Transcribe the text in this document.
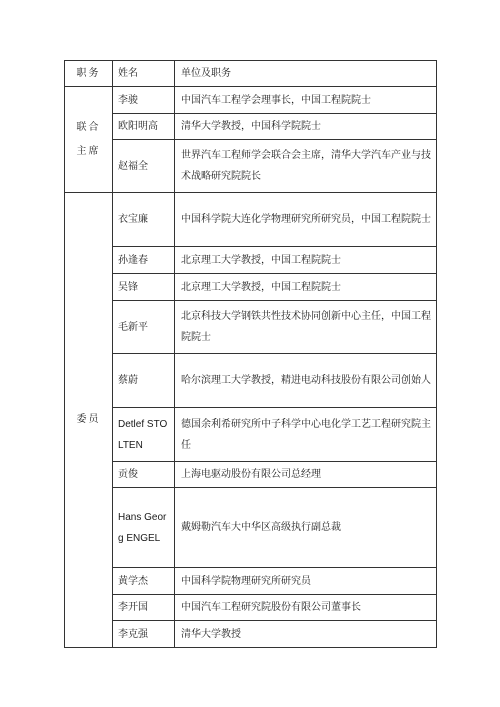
职务	姓名	单位及职务
联合主席	李骏	中国汽车工程学会理事长，中国工程院院士
	欧阳明高	清华大学教授，中国科学院院士
	赵福全	世界汽车工程师学会联合会主席，清华大学汽车产业与技术战略研究院院长
委员	衣宝廉	中国科学院大连化学物理研究所研究员，中国工程院院士
	孙逢春	北京理工大学教授，中国工程院院士
	吴锋	北京理工大学教授，中国工程院院士
	毛新平	北京科技大学钢铁共性技术协同创新中心主任，中国工程院院士
	蔡蔚	哈尔滨理工大学教授，精进电动科技股份有限公司创始人
	Detlef STOLTEN	德国余利希研究所中子科学中心电化学工艺工程研究院主任
	贡俊	上海电驱动股份有限公司总经理
	Hans Georg ENGEL	戴姆勒汽车大中华区高级执行副总裁
	黄学杰	中国科学院物理研究所研究员
	李开国	中国汽车工程研究院股份有限公司董事长
	李克强	清华大学教授
